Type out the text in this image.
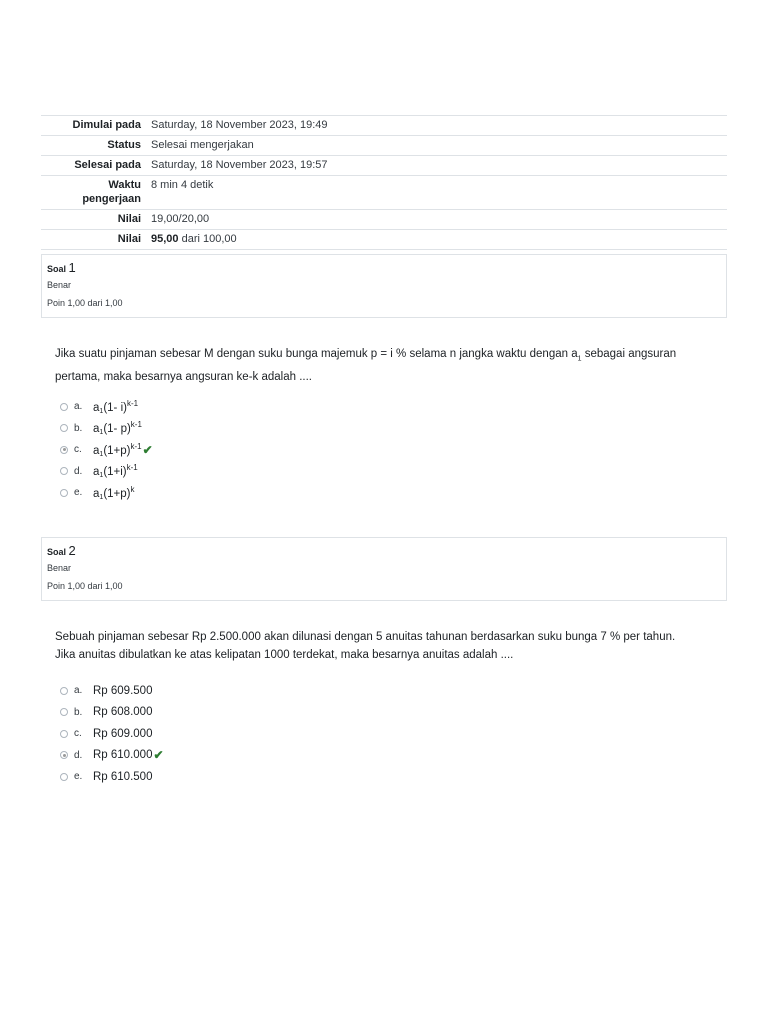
Dimulai pada	Saturday, 18 November 2023, 19:49
Status	Selesai mengerjakan
Selesai pada	Saturday, 18 November 2023, 19:57
Waktu
pengerjaan	8 min 4 detik
Nilai	19,00/20,00
Nilai	95,00 dari 100,00
Soal 1
Benar
Poin 1,00 dari 1,00
Jika suatu pinjaman sebesar M dengan suku bunga majemuk p = i % selama n jangka waktu dengan $a_1$ sebagai angsuran pertama, maka besarnya angsuran ke-k adalah ....
a. $a_1(1-$ i)$^{k-1}$
b. $a_1(1-$ p)$^{k-1}$
c. $a_1(1+p)^{k-1}$ ✔
d. $a_1(1+i)^{k-1}$
e. $a_1(1+p)^k$
Soal 2
Benar
Poin 1,00 dari 1,00
Sebuah pinjaman sebesar Rp 2.500.000 akan dilunasi dengan 5 anuitas tahunan berdasarkan suku bunga 7 % per tahun.
Jika anuitas dibulatkan ke atas kelipatan 1000 terdekat, maka besarnya anuitas adalah ....
a. Rp 609.500
b. Rp 608.000
c. Rp 609.000
d. Rp 610.000 ✔
e. Rp 610.500
